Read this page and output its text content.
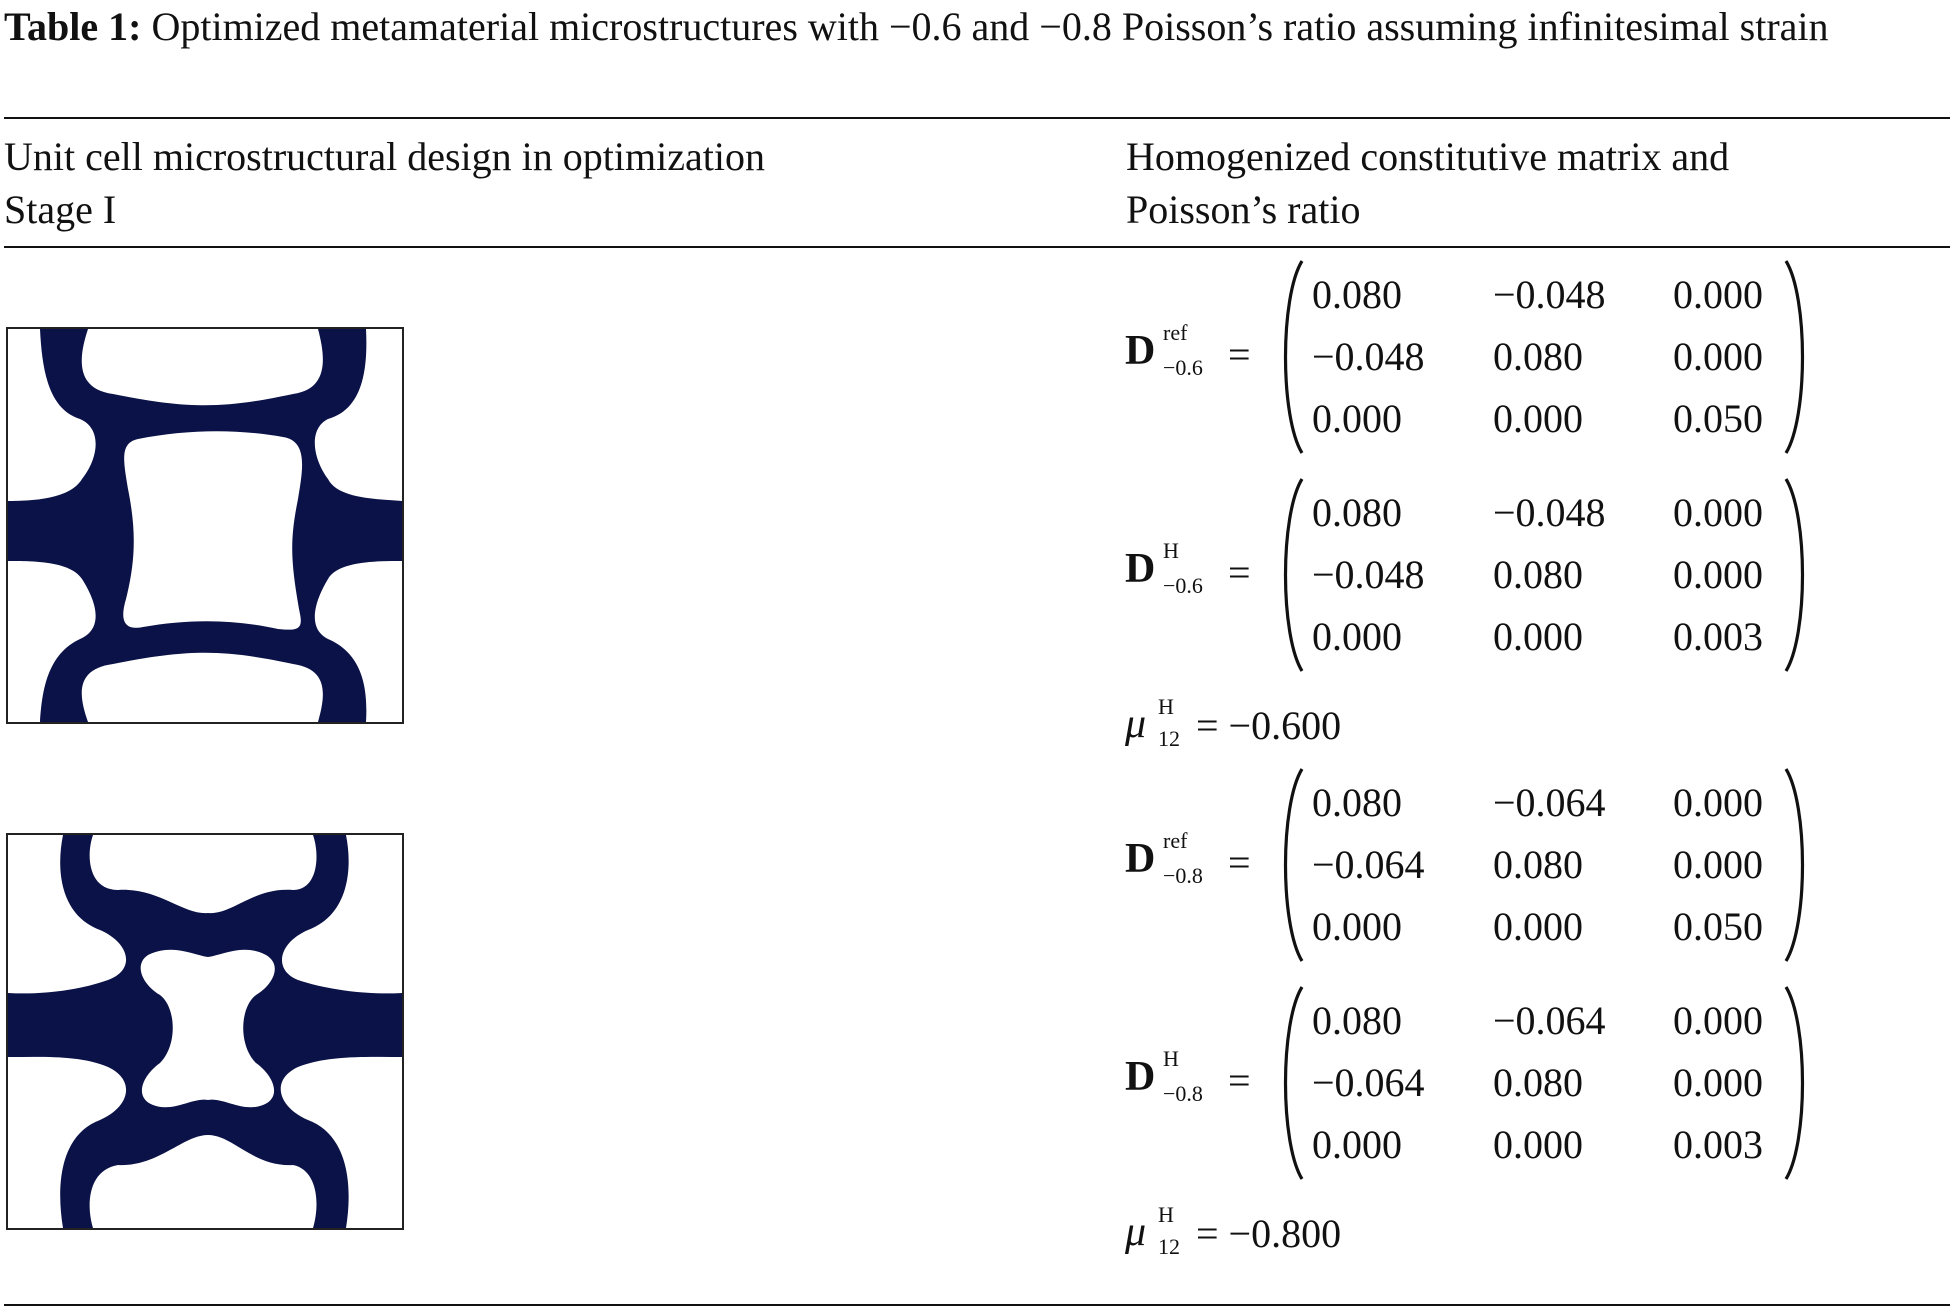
Table 1: Optimized metamaterial microstructures with −0.6 and −0.8 Poisson’s ratio assuming infinitesimal strain
Unit cell microstructural design in optimization
Stage I
Homogenized constitutive matrix and
Poisson’s ratio
D ref
−0.6 =
0.080 −0.048 0.000
−0.048 0.080 0.000
0.000 0.000 0.050
D H
−0.6 =
0.080 −0.048 0.000
−0.048 0.080 0.000
0.000 0.000 0.003
μ H
12 = −0.600
D ref
−0.8 =
0.080 −0.064 0.000
−0.064 0.080 0.000
0.000 0.000 0.050
D H
−0.8 =
0.080 −0.064 0.000
−0.064 0.080 0.000
0.000 0.000 0.003
μ H
12 = −0.800
